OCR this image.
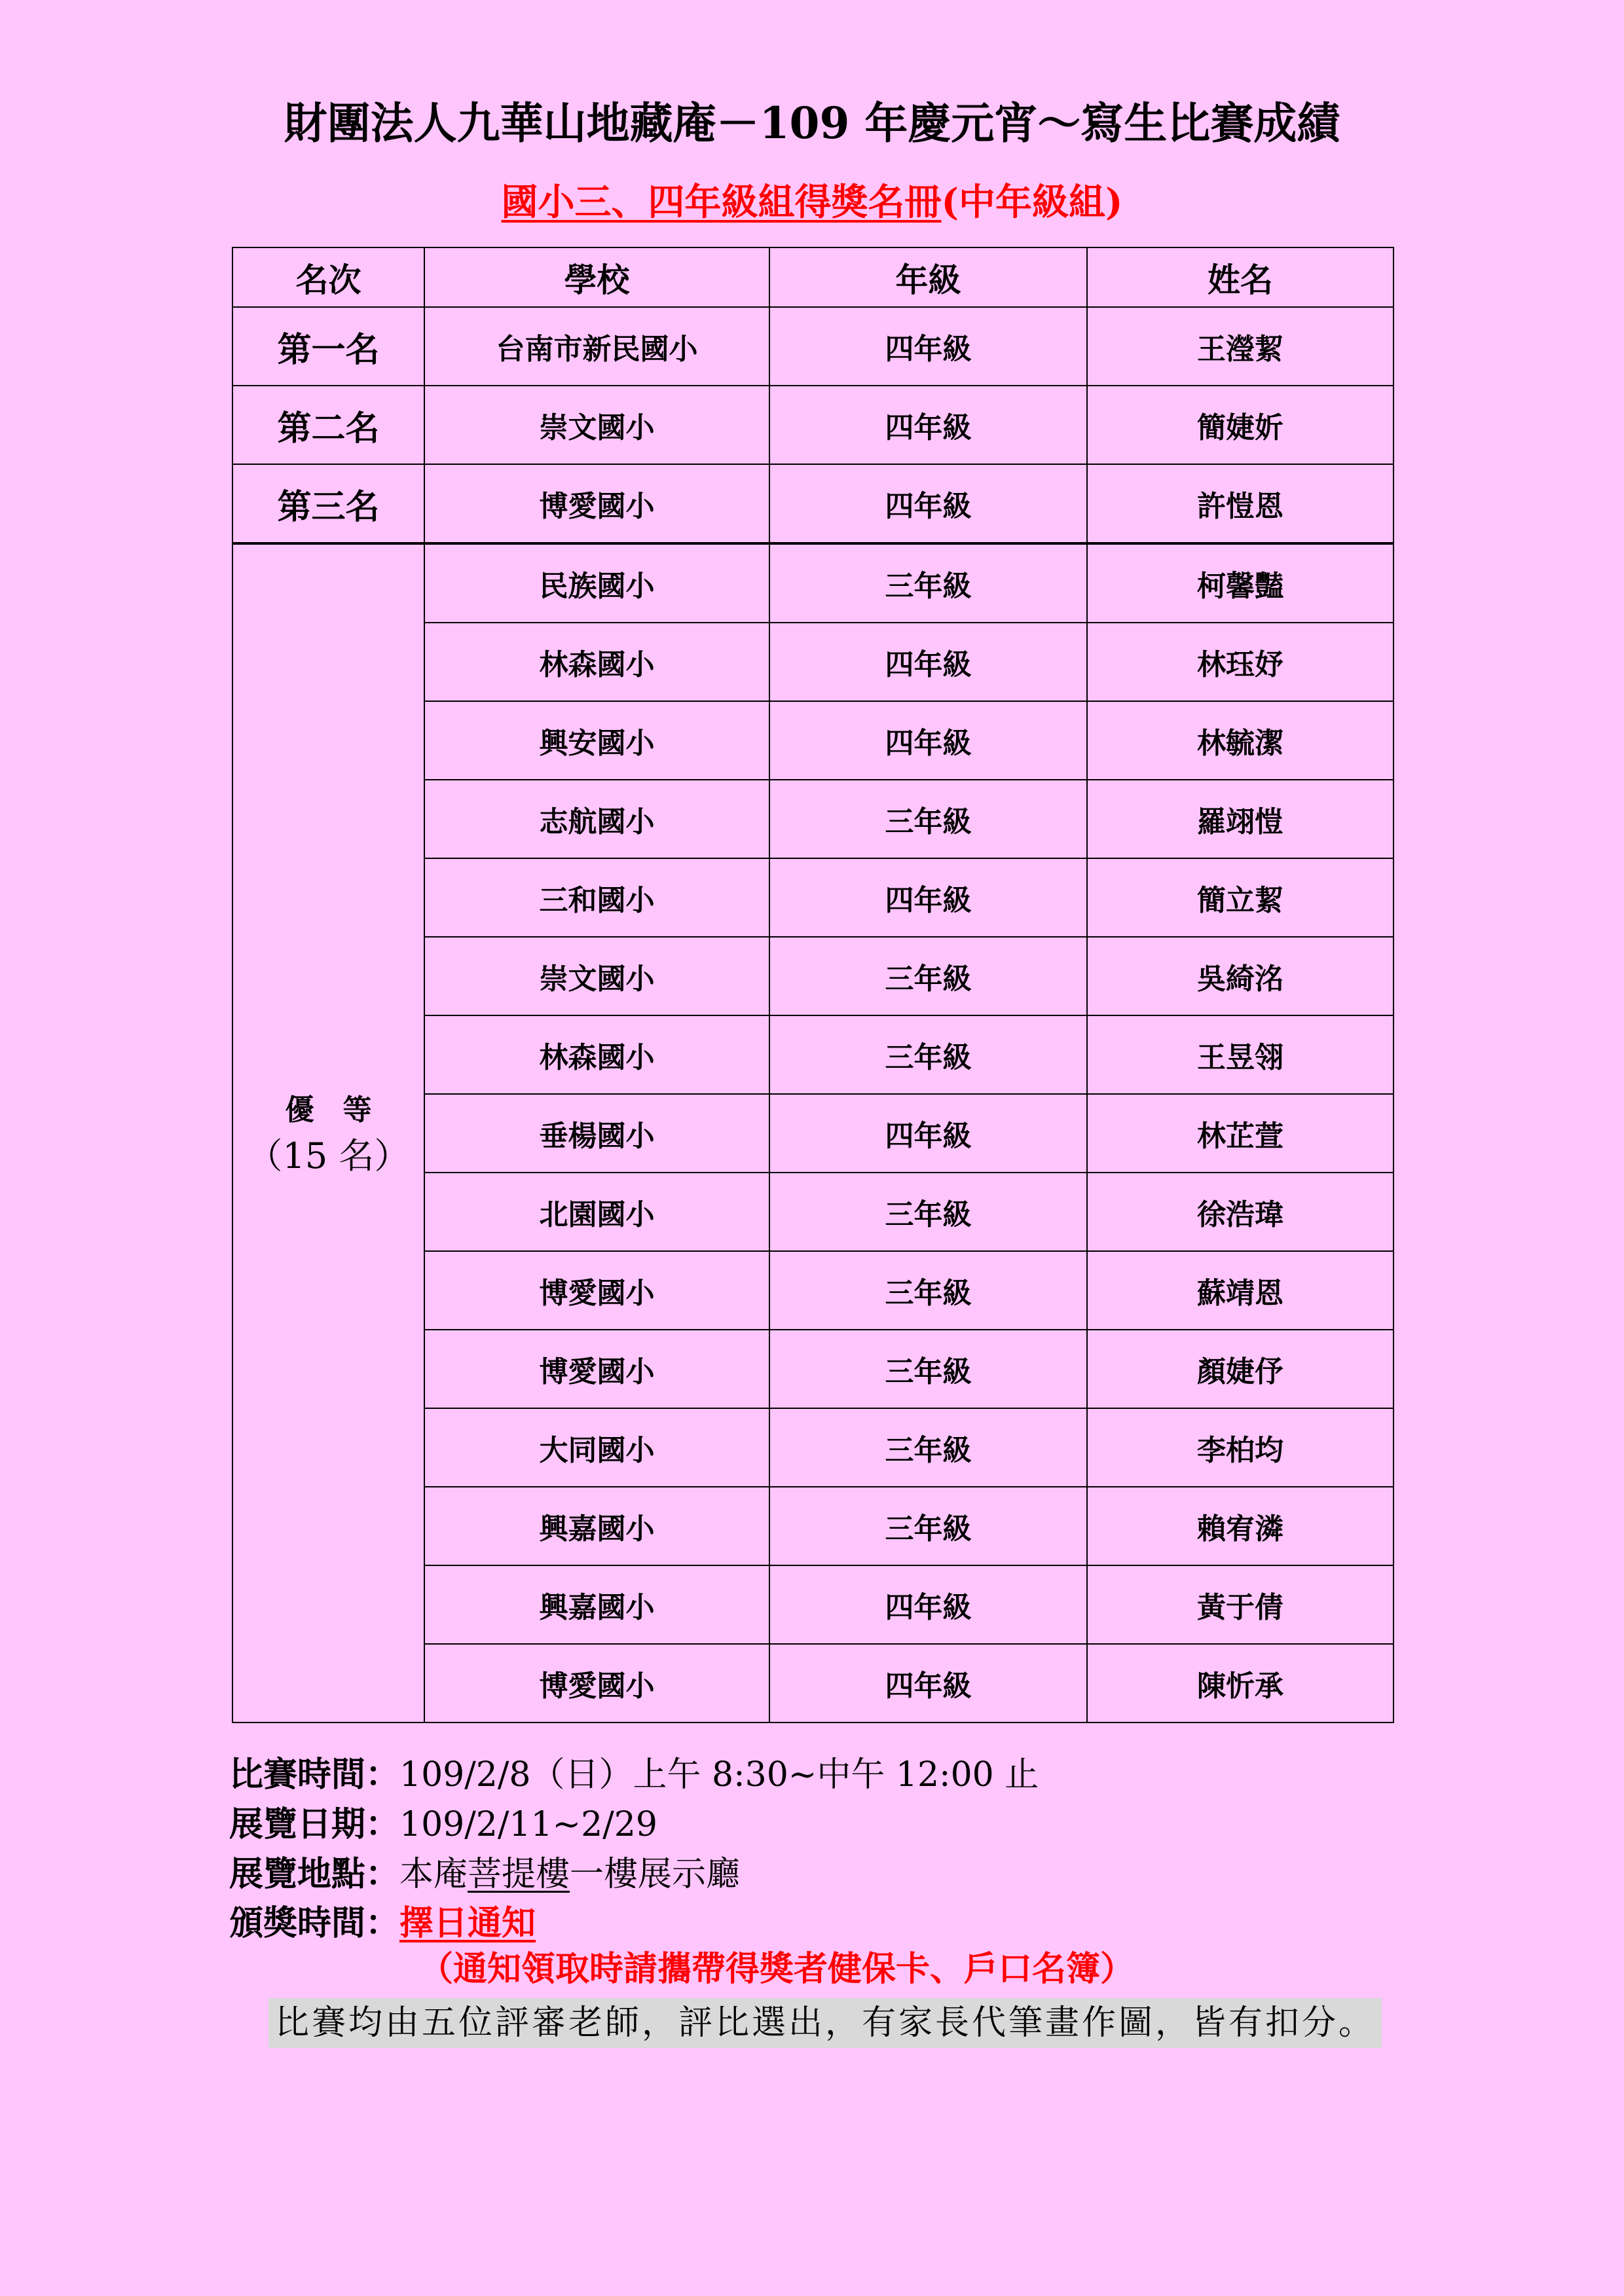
財團法人九華山地藏庵－109 年慶元宵～寫生比賽成績
國小三、四年級組得獎名冊(中年級組)
名次	學校	年級	姓名
第一名	台南市新民國小	四年級	王瀅絜
第二名	崇文國小	四年級	簡婕妡
第三名	博愛國小	四年級	許愷恩

優　等
（15 名）	民族國小	三年級	柯馨豔
	林森國小	四年級	林珏妤
	興安國小	四年級	林毓潔
	志航國小	三年級	羅翊愷
	三和國小	四年級	簡立絜
	崇文國小	三年級	吳綺洺
	林森國小	三年級	王昱翎
	垂楊國小	四年級	林芷萱
	北園國小	三年級	徐浩瑋
	博愛國小	三年級	蘇靖恩
	博愛國小	三年級	顏婕伃
	大同國小	三年級	李柏均
	興嘉國小	三年級	賴宥潾
	興嘉國小	四年級	黃于倩
	博愛國小	四年級	陳忻承

比賽時間：109/2/8（日）上午 8:30~中午 12:00 止

展覽日期：109/2/11~2/29

展覽地點：本庵菩提樓一樓展示廳

頒獎時間：擇日通知

（通知領取時請攜帶得獎者健保卡、戶口名簿）

比賽均由五位評審老師，評比選出，有家長代筆畫作圖，皆有扣分。
